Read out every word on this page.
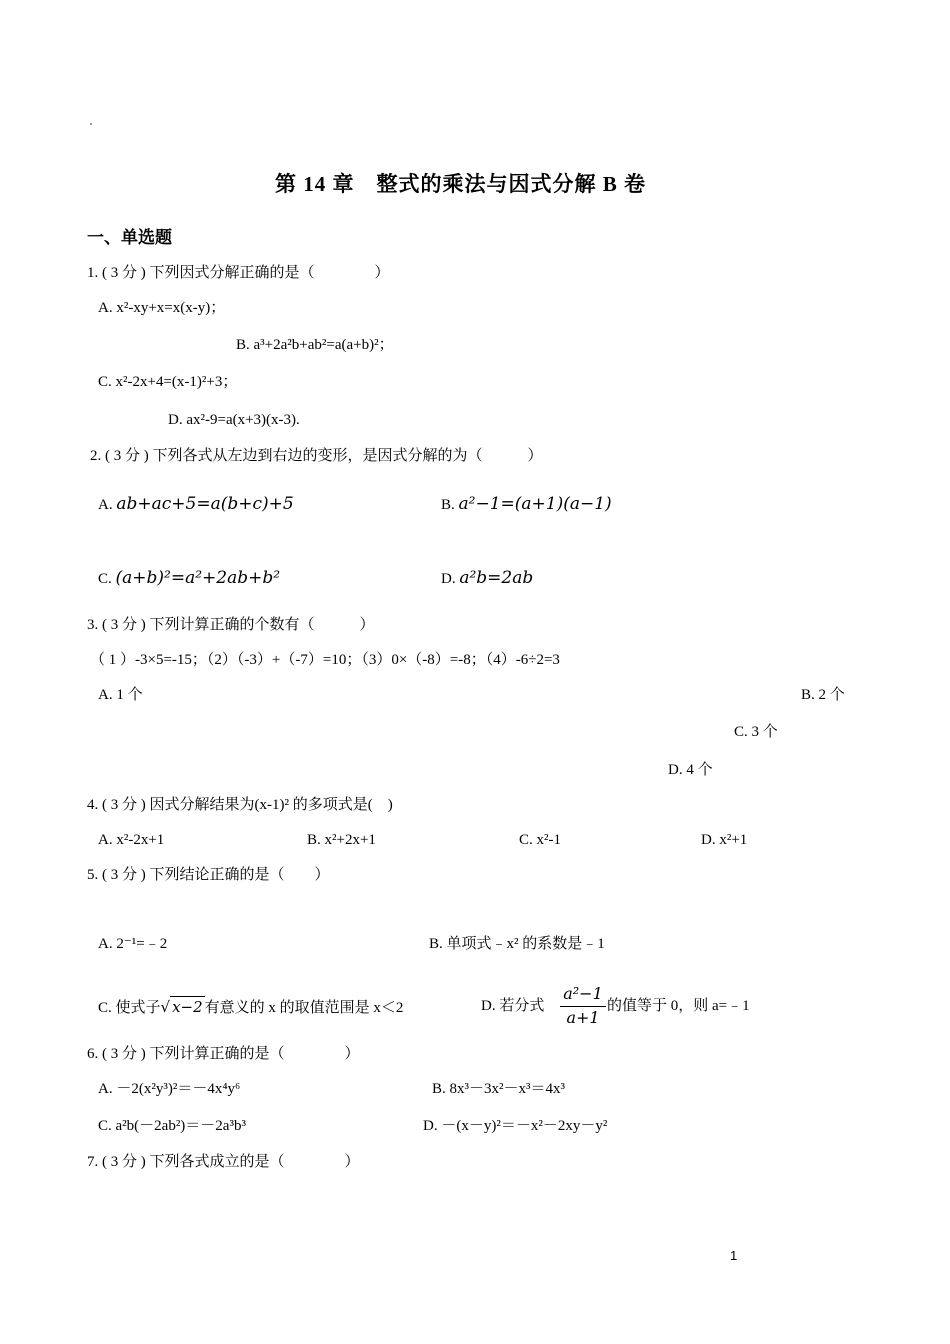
第 14 章　整式的乘法与因式分解 B 卷
一、单选题
1. ( 3 分 ) 下列因式分解正确的是（　　　　）
A. x²-xy+x=x(x-y)；
B. a³+2a²b+ab²=a(a+b)²；
C. x²-2x+4=(x-1)²+3；
D. ax²-9=a(x+3)(x-3).
2. ( 3 分 ) 下列各式从左边到右边的变形，是因式分解的为（　　　）
A. ab+ac+5=a(b+c)+5	B. a²−1=(a+1)(a−1)
C. (a+b)²=a²+2ab+b²	D. a²b=2ab
3. ( 3 分 ) 下列计算正确的个数有（　　　）
（ 1 ）-3×5=-15；（2）（-3）+（-7）=10；（3）0×（-8）=-8；（4）-6÷2=3
A. 1 个	B. 2 个
C. 3 个
D. 4 个
4. ( 3 分 ) 因式分解结果为(x-1)² 的多项式是(　)
A. x²-2x+1	B. x²+2x+1	C. x²-1	D. x²+1
5. ( 3 分 ) 下列结论正确的是（　　）
A. 2⁻¹=﹣2	B. 单项式﹣x² 的系数是﹣1
C. 使式子√ x−2 有意义的 x 的取值范围是 x＜2	D. 若分式 $\frac{\text{a²−1}}{a+1}$ 的值等于 0，则 a=﹣1
6. ( 3 分 ) 下列计算正确的是（　　　　）
A. －2(x²y³)²＝－4x⁴y⁶	B. 8x³－3x²－x³＝4x³
C. a²b(－2ab²)＝－2a³b³	D. －(x－y)²＝－x²－2xy－y²
7. ( 3 分 ) 下列各式成立的是（　　　　）
1
